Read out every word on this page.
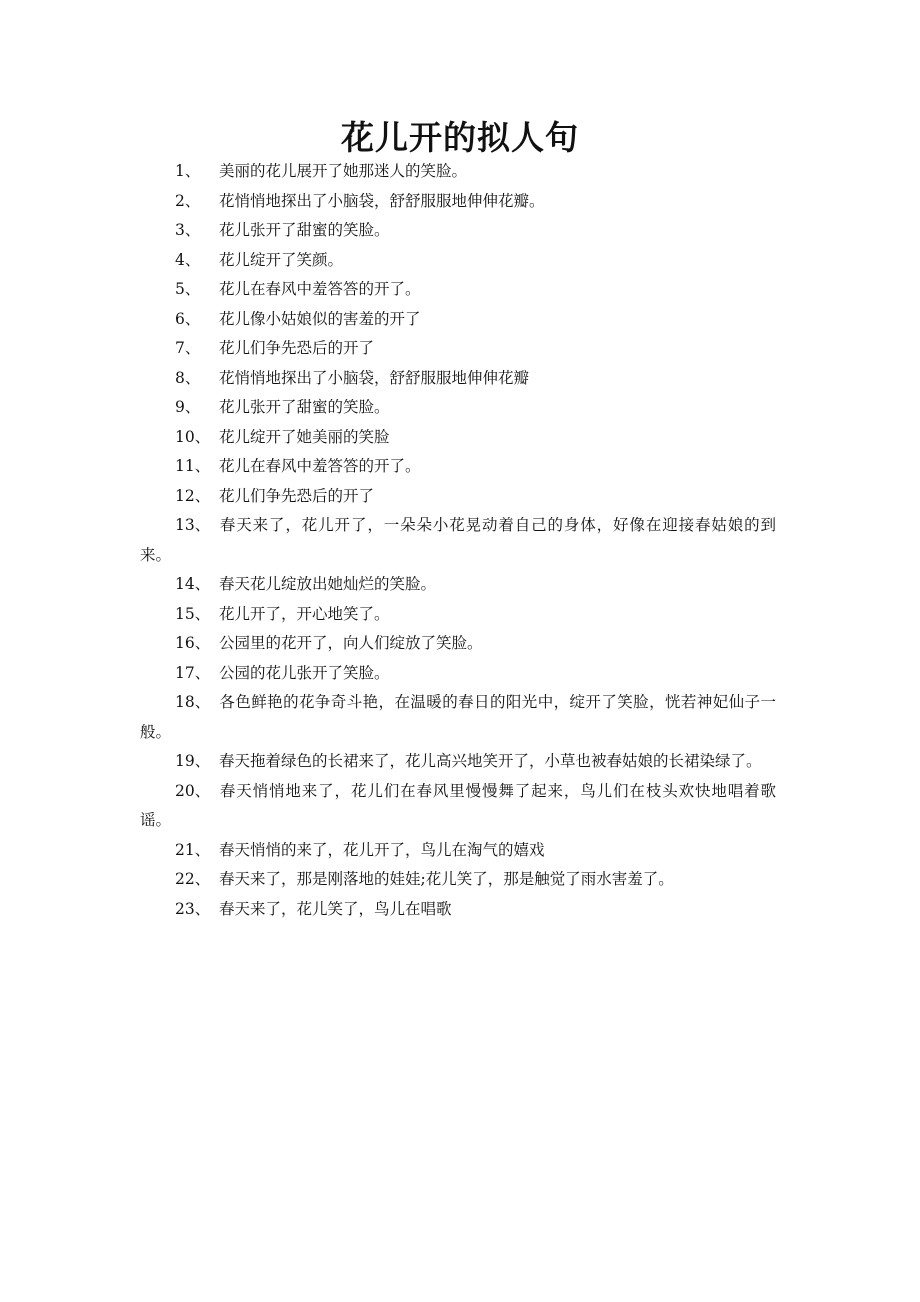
花儿开的拟人句

1、 美丽的花儿展开了她那迷人的笑脸。

2、 花悄悄地探出了小脑袋，舒舒服服地伸伸花瓣。

3、 花儿张开了甜蜜的笑脸。

4、 花儿绽开了笑颜。

5、 花儿在春风中羞答答的开了。

6、 花儿像小姑娘似的害羞的开了

7、 花儿们争先恐后的开了

8、 花悄悄地探出了小脑袋，舒舒服服地伸伸花瓣

9、 花儿张开了甜蜜的笑脸。

10、 花儿绽开了她美丽的笑脸

11、 花儿在春风中羞答答的开了。

12、 花儿们争先恐后的开了

13、 春天来了，花儿开了，一朵朵小花晃动着自己的身体，好像在迎接春姑娘的到来。

14、 春天花儿绽放出她灿烂的笑脸。

15、 花儿开了，开心地笑了。

16、 公园里的花开了，向人们绽放了笑脸。

17、 公园的花儿张开了笑脸。

18、 各色鲜艳的花争奇斗艳，在温暖的春日的阳光中，绽开了笑脸，恍若神妃仙子一般。

19、 春天拖着绿色的长裙来了，花儿高兴地笑开了，小草也被春姑娘的长裙染绿了。

20、 春天悄悄地来了，花儿们在春风里慢慢舞了起来，鸟儿们在枝头欢快地唱着歌谣。

21、 春天悄悄的来了，花儿开了，鸟儿在淘气的嬉戏

22、 春天来了，那是刚落地的娃娃;花儿笑了，那是触觉了雨水害羞了。

23、 春天来了，花儿笑了，鸟儿在唱歌
